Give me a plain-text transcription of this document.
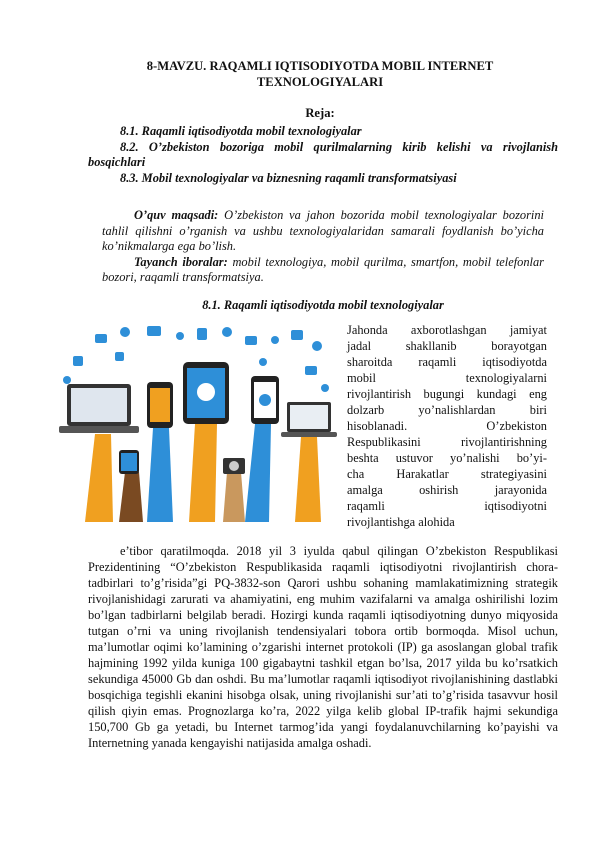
8-MAVZU. RAQAMLI IQTISODIYOTDA MOBIL INTERNET
TEXNOLOGIYALARI
Reja:
8.1. Raqamli iqtisodiyotda mobil texnologiyalar
8.2. O’zbekiston bozoriga mobil qurilmalarning kirib kelishi va rivojlanish
bosqichlari
8.3. Mobil texnologiyalar va biznesning raqamli transformatsiyasi

O’quv maqsadi: O’zbekiston va jahon bozorida mobil texnologiyalar bozorini tahlil qilishni o’rganish va ushbu texnologiyalaridan samarali foydlanish bo’yicha ko’nikmalarga ega bo’lish.

Tayanch iboralar: mobil texnologiya, mobil qurilma, smartfon, mobil telefonlar bozori, raqamli transformatsiya.

8.1. Raqamli iqtisodiyotda mobil texnologiyalar
Jahonda axborotlashgan jamiyat
jadal shakllanib borayotgan
sharoitda raqamli iqtisodiyotda
mobil texnologiyalarni
rivojlantirish bugungi kundagi eng
dolzarb yo’nalishlardan biri
hisoblanadi. O’zbekiston
Respublikasini rivojlantirishning
beshta ustuvor yo’nalishi bo’yi-
cha Harakatlar strategiyasini
amalga oshirish jarayonida
raqamli iqtisodiyotni
rivojlantishga alohida

e’tibor qaratilmoqda. 2018 yil 3 iyulda qabul qilingan O’zbekiston Respublikasi Prezidentining “O’zbekiston Respublikasida raqamli iqtisodiyotni rivojlantirish chora-tadbirlari to’g’risida”gi PQ-3832-son Qarori ushbu sohaning mamlakatimizning strategik rivojlanishidagi zarurati va ahamiyatini, eng muhim vazifalarni va amalga oshirilishi lozim bo’lgan tadbirlarni belgilab beradi. Hozirgi kunda raqamli iqtisodiyotning dunyo miqyosida tutgan o’rni va uning rivojlanish tendensiyalari tobora ortib bormoqda. Misol uchun, ma’lumotlar oqimi ko’lamining o’zgarishi internet protokoli (IP) ga asoslangan global trafik hajmining 1992 yilda kuniga 100 gigabaytni tashkil etgan bo’lsa, 2017 yilda bu ko’rsatkich sekundiga 45000 Gb dan oshdi. Bu ma’lumotlar raqamli iqtisodiyot rivojlanishining dastlabki bosqichiga tegishli ekanini hisobga olsak, uning rivojlanishi sur’ati to’g’risida tasavvur hosil qilish qiyin emas. Prognozlarga ko’ra, 2022 yilga kelib global IP-trafik hajmi sekundiga 150,700 Gb ga yetadi, bu Internet tarmog’ida yangi foydalanuvchilarning ko’payishi va Internetning yanada kengayishi natijasida amalga oshadi.
